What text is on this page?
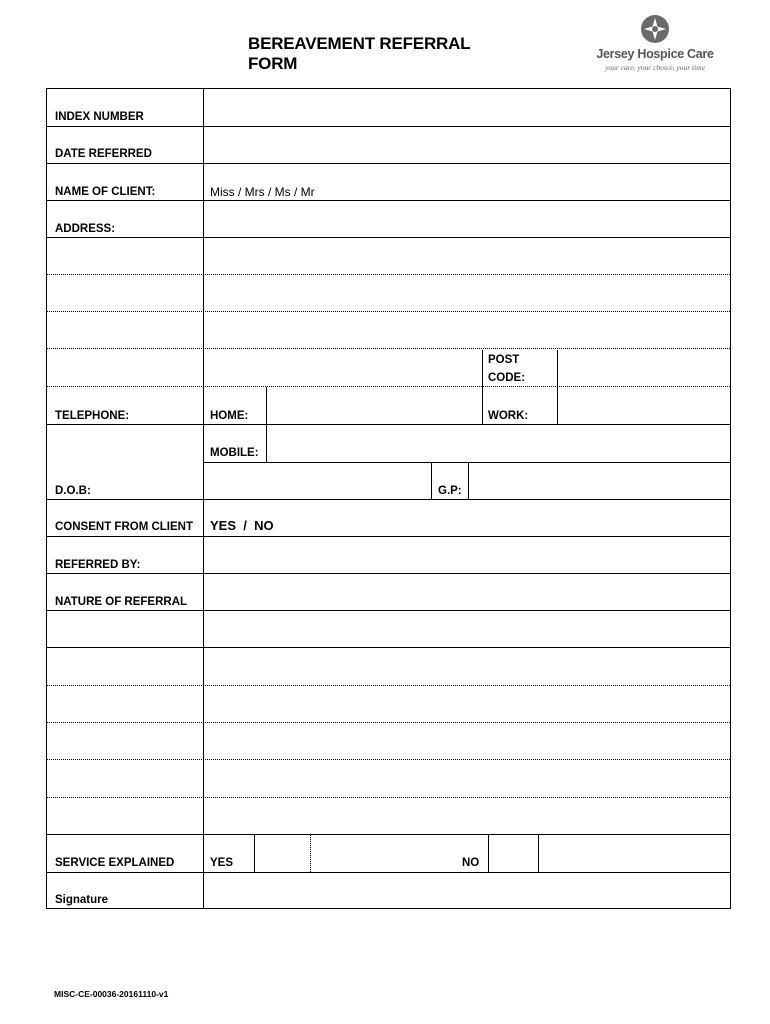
BEREAVEMENT REFERRAL FORM	Jersey Hospice Care
your care, your choice, your time
INDEX NUMBER
DATE REFERRED
NAME OF CLIENT:	Miss / Mrs / Ms / Mr
ADDRESS:
POST
CODE:
TELEPHONE:	HOME:	WORK:
MOBILE:
D.O.B:	G.P:
CONSENT FROM CLIENT YES  /  NO
REFERRED BY:
NATURE OF REFERRAL
SERVICE EXPLAINED	YES	NO
Signature
MISC-CE-00036-20161110-v1
